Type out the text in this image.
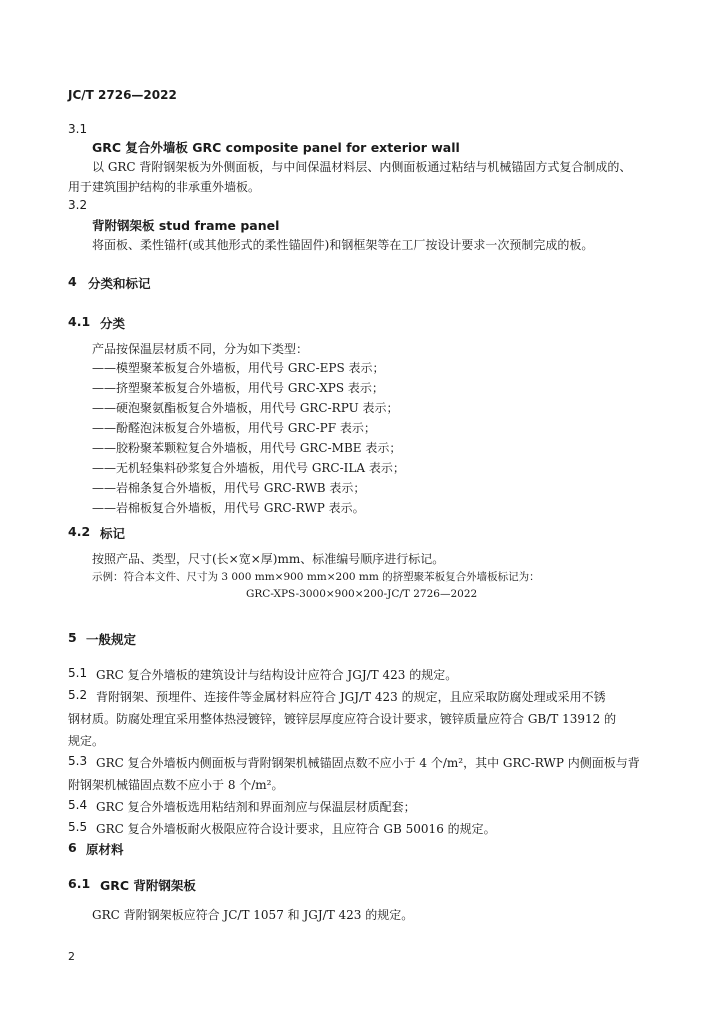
JC/T 2726—2022
3.1
GRC 复合外墙板 GRC composite panel for exterior wall
以 GRC 背附钢架板为外侧面板，与中间保温材料层、内侧面板通过粘结与机械锚固方式复合制成的、
用于建筑围护结构的非承重外墙板。
3.2
背附钢架板 stud frame panel
将面板、柔性锚杆(或其他形式的柔性锚固件)和钢框架等在工厂按设计要求一次预制完成的板。
4 分类和标记
4.1 分类
产品按保温层材质不同，分为如下类型：
——模塑聚苯板复合外墙板，用代号 GRC-EPS 表示；
——挤塑聚苯板复合外墙板，用代号 GRC-XPS 表示；
——硬泡聚氨酯板复合外墙板，用代号 GRC-RPU 表示；
——酚醛泡沫板复合外墙板，用代号 GRC-PF 表示；
——胶粉聚苯颗粒复合外墙板，用代号 GRC-MBE 表示；
——无机轻集料砂浆复合外墙板，用代号 GRC-ILA 表示；
——岩棉条复合外墙板，用代号 GRC-RWB 表示；
——岩棉板复合外墙板，用代号 GRC-RWP 表示。
4.2 标记
按照产品、类型，尺寸(长×宽×厚)mm、标准编号顺序进行标记。
示例：符合本文件、尺寸为 3 000 mm×900 mm×200 mm 的挤塑聚苯板复合外墙板标记为：
GRC-XPS-3000×900×200-JC/T 2726—2022
5 一般规定
5.1 GRC 复合外墙板的建筑设计与结构设计应符合 JGJ/T 423 的规定。
5.2 背附钢架、预埋件、连接件等金属材料应符合 JGJ/T 423 的规定，且应采取防腐处理或采用不锈
钢材质。防腐处理宜采用整体热浸镀锌，镀锌层厚度应符合设计要求，镀锌质量应符合 GB/T 13912 的
规定。
5.3 GRC 复合外墙板内侧面板与背附钢架机械锚固点数不应小于 4 个/m²，其中 GRC-RWP 内侧面板与背
附钢架机械锚固点数不应小于 8 个/m²。
5.4 GRC 复合外墙板选用粘结剂和界面剂应与保温层材质配套；
5.5 GRC 复合外墙板耐火极限应符合设计要求，且应符合 GB 50016 的规定。
6 原材料
6.1 GRC 背附钢架板
GRC 背附钢架板应符合 JC/T 1057 和 JGJ/T 423 的规定。
2
